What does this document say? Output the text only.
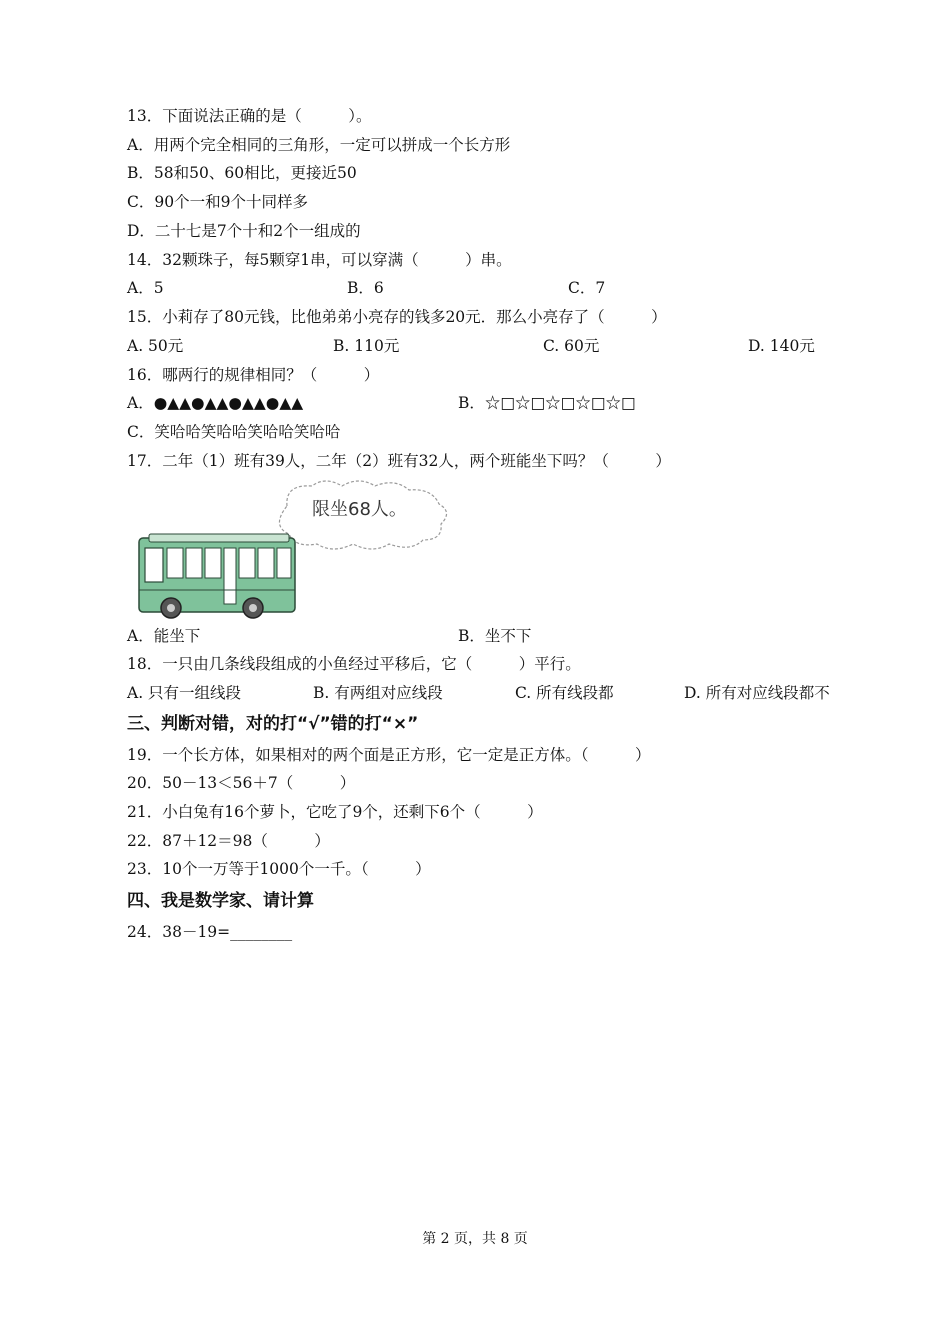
13．下面说法正确的是（　　　）。
A．用两个完全相同的三角形，一定可以拼成一个长方形
B．58和50、60相比，更接近50
C．90个一和9个十同样多
D．二十七是7个十和2个一组成的
14．32颗珠子，每5颗穿1串，可以穿满（　　　）串。
A．5	B．6	C．7
15．小莉存了80元钱，比他弟弟小亮存的钱多20元．那么小亮存了（　　　）
A. 50元	B. 110元	C. 60元	D. 140元
16．哪两行的规律相同？（　　　）
A．●▲▲●▲▲●▲▲●▲▲	B．☆□☆□☆□☆□☆□
C．笑哈哈笑哈哈笑哈哈笑哈哈
17．二年（1）班有39人，二年（2）班有32人，两个班能坐下吗？（　　　）
限坐68人。
A．能坐下	B．坐不下
18．一只由几条线段组成的小鱼经过平移后，它（　　　）平行。
A. 只有一组线段	B. 有两组对应线段	C. 所有线段都	D. 所有对应线段都不
三、判断对错，对的打“√”错的打“×”
19．一个长方体，如果相对的两个面是正方形，它一定是正方体。（　　　）
20．50－13＜56＋7（　　　）
21．小白兔有16个萝卜，它吃了9个，还剩下6个（　　　）
22．87＋12＝98（　　　）
23．10个一万等于1000个一千。（　　　）
四、我是数学家、请计算
24．38－19=________
第 2 页，共 8 页
